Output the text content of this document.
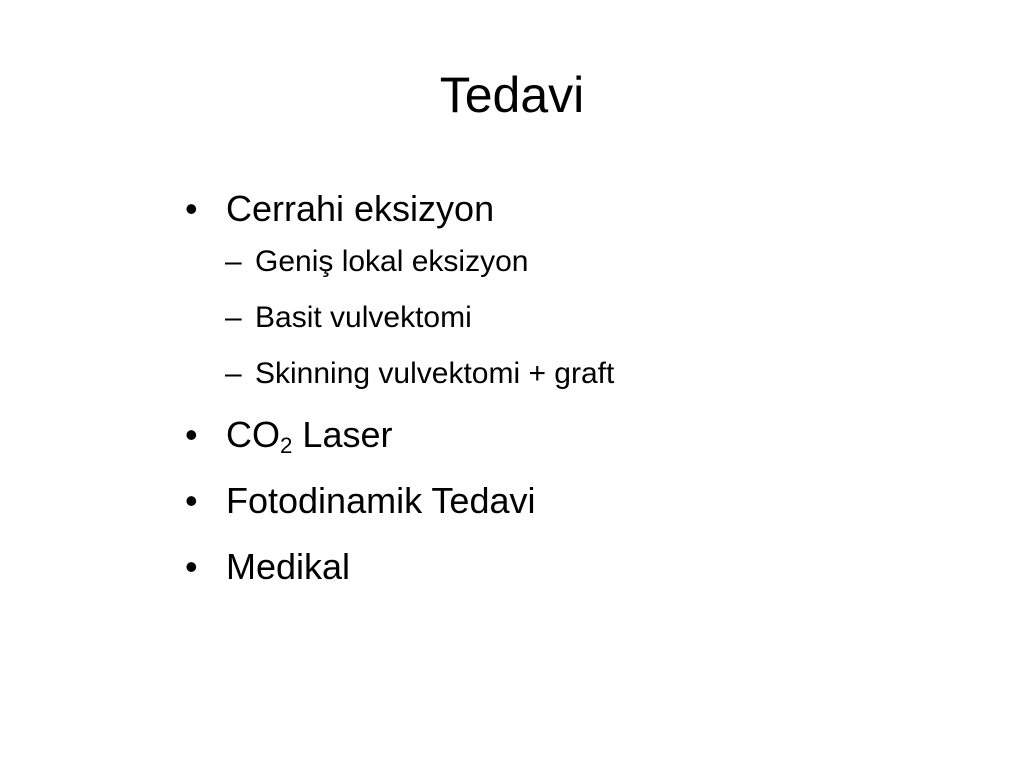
Tedavi
• Cerrahi eksizyon
– Geniş lokal eksizyon
– Basit vulvektomi
– Skinning vulvektomi + graft
• $CO_2$ Laser
• Fotodinamik Tedavi
• Medikal
